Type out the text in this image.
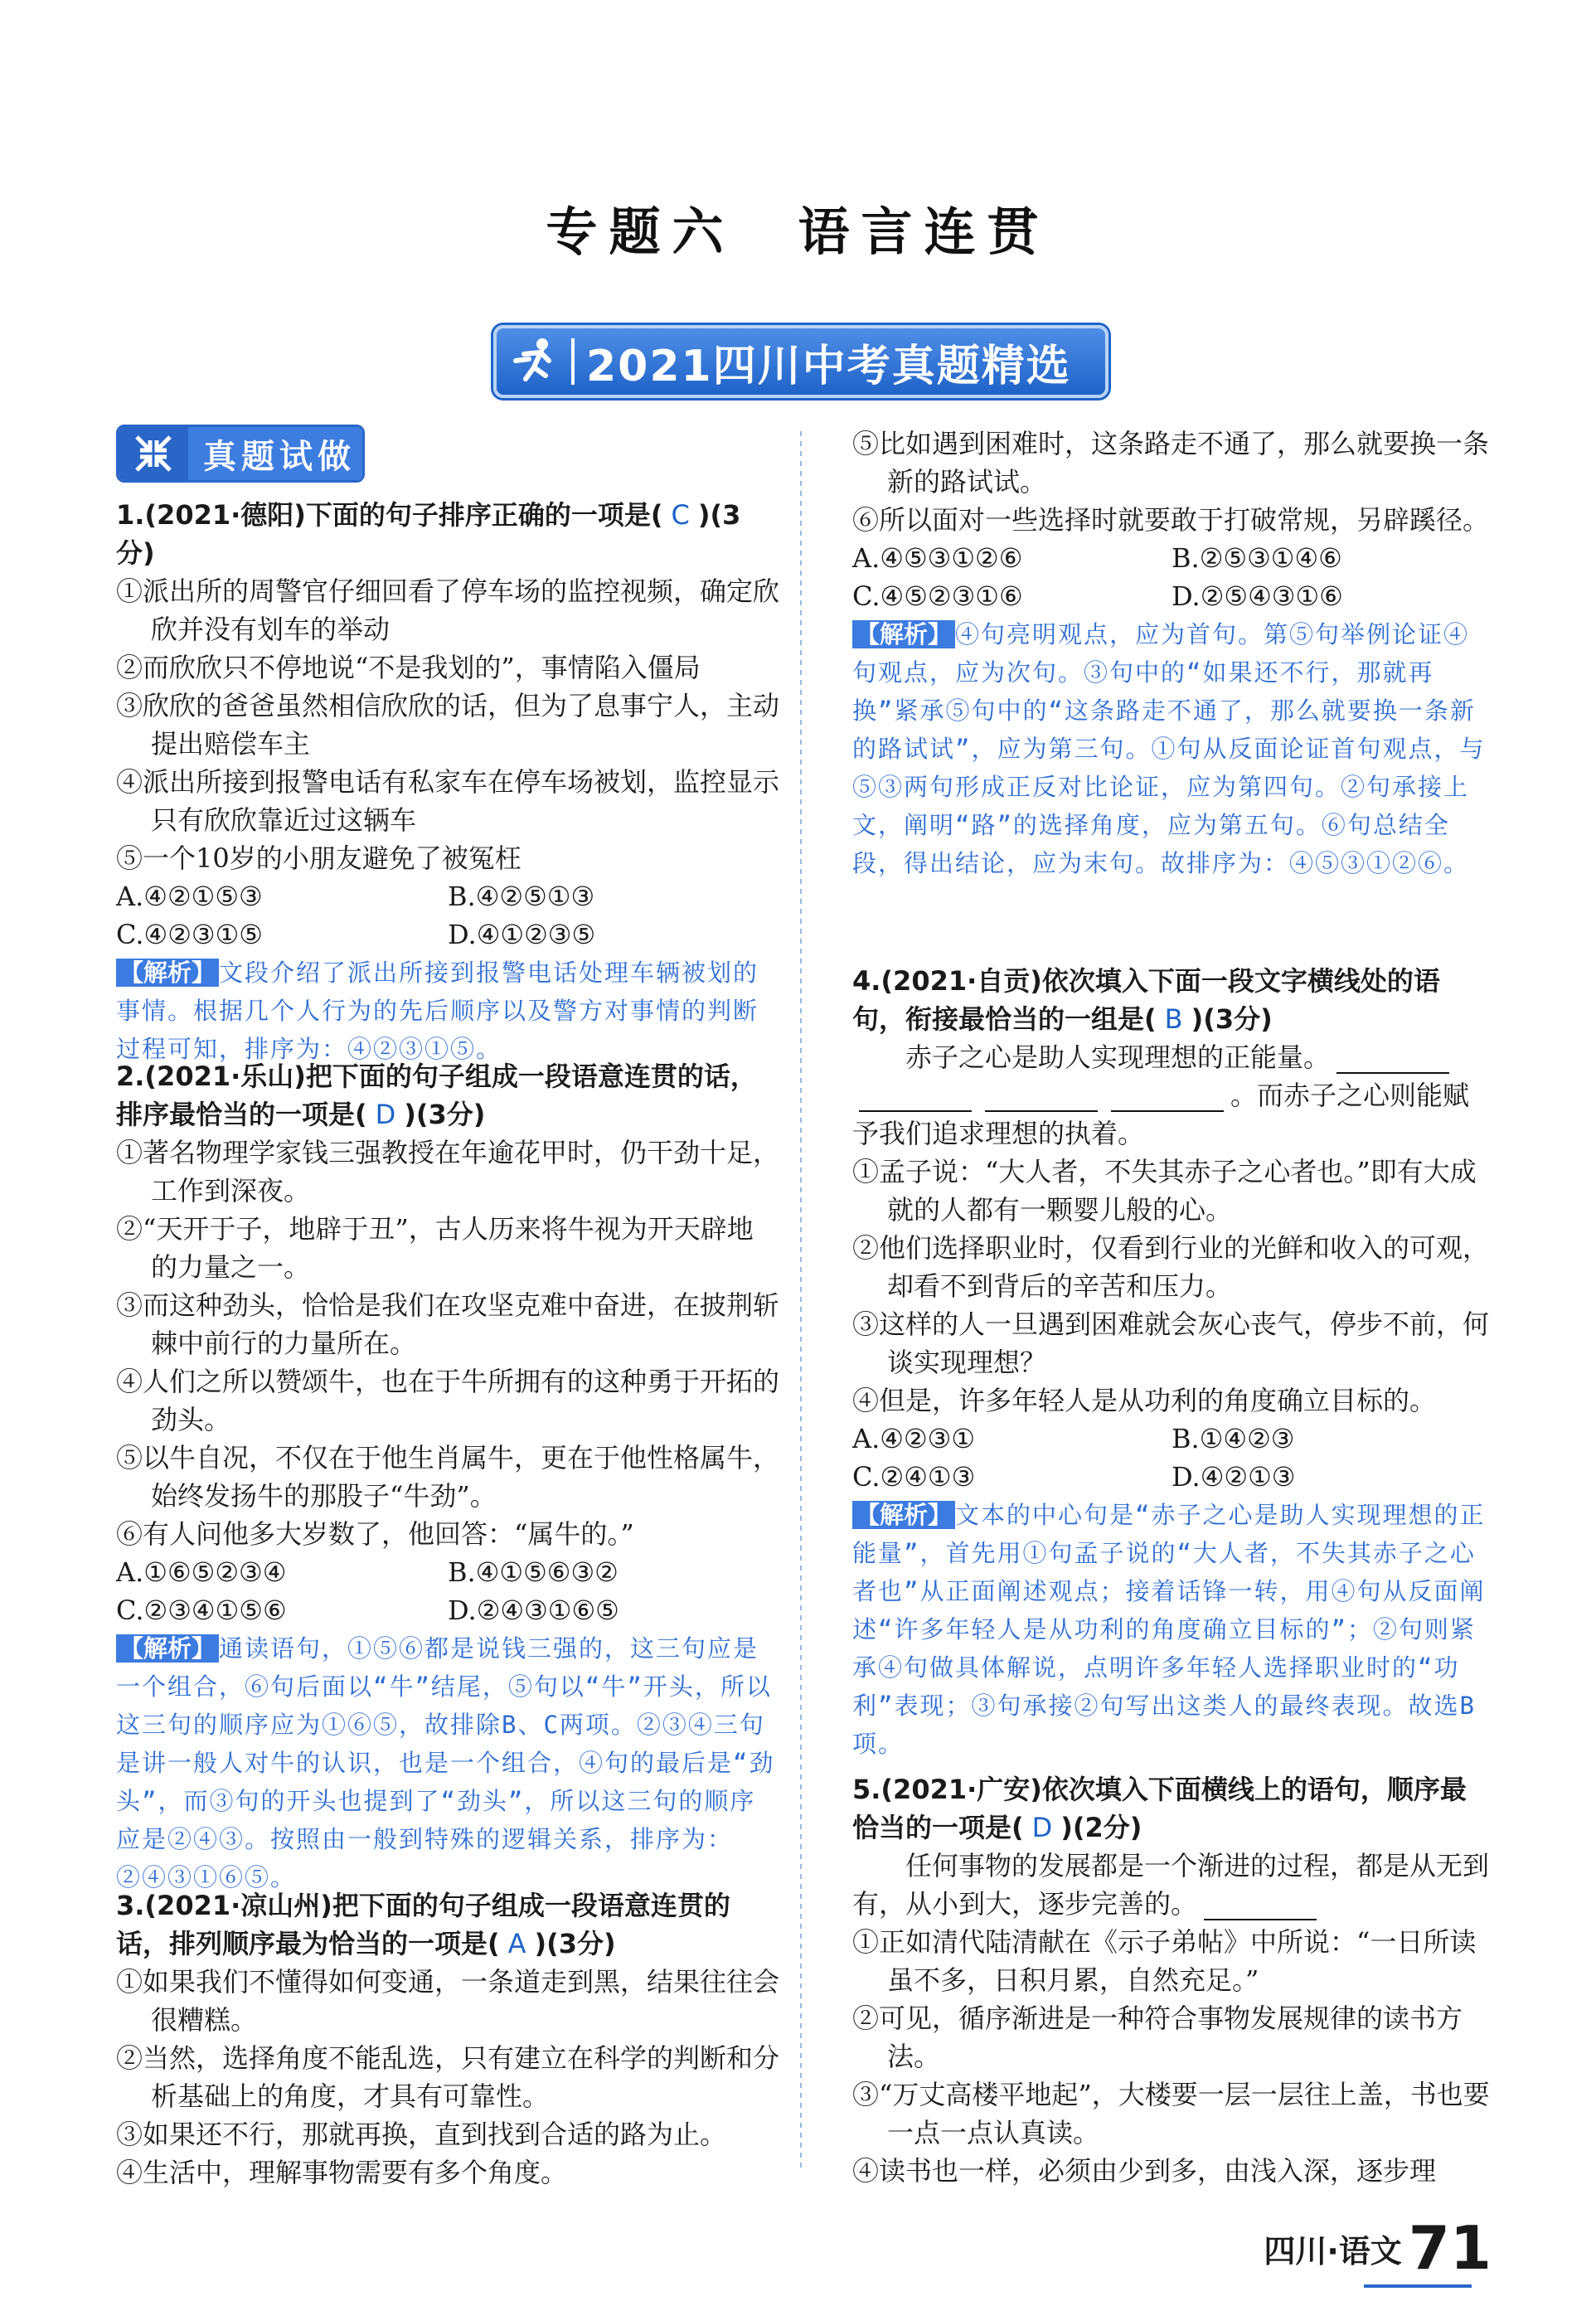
专题六　语言连贯
2021四川中考真题精选
真题试做
1.(2021·德阳)下面的句子排序正确的一项是( C )(3分)
①派出所的周警官仔细回看了停车场的监控视频，确定欣欣并没有划车的举动
②而欣欣只不停地说“不是我划的”，事情陷入僵局
③欣欣的爸爸虽然相信欣欣的话，但为了息事宁人，主动提出赔偿车主
④派出所接到报警电话有私家车在停车场被划，监控显示只有欣欣靠近过这辆车
⑤一个10岁的小朋友避免了被冤枉
A.④②①⑤③	B.④②⑤①③
C.④②③①⑤	D.④①②③⑤
【解析】 文段介绍了派出所接到报警电话处理车辆被划的事情。根据几个人行为的先后顺序以及警方对事情的判断过程可知，排序为：④②③①⑤。
2.(2021·乐山)把下面的句子组成一段语意连贯的话，排序最恰当的一项是( D )(3分)
①著名物理学家钱三强教授在年逾花甲时，仍干劲十足，工作到深夜。
②“天开于子，地辟于丑”，古人历来将牛视为开天辟地的力量之一。
③而这种劲头，恰恰是我们在攻坚克难中奋进，在披荆斩棘中前行的力量所在。
④人们之所以赞颂牛，也在于牛所拥有的这种勇于开拓的劲头。
⑤以牛自况，不仅在于他生肖属牛，更在于他性格属牛，始终发扬牛的那股子“牛劲”。
⑥有人问他多大岁数了，他回答：“属牛的。”
A.①⑥⑤②③④	B.④①⑤⑥③②
C.②③④①⑤⑥	D.②④③①⑥⑤
【解析】 通读语句，①⑤⑥都是说钱三强的，这三句应是一个组合，⑥句后面以“牛”结尾，⑤句以“牛”开头，所以这三句的顺序应为①⑥⑤，故排除B、C两项。②③④三句是讲一般人对牛的认识，也是一个组合，④句的最后是“劲头”，而③句的开头也提到了“劲头”，所以这三句的顺序应是②④③。按照由一般到特殊的逻辑关系，排序为：②④③①⑥⑤。
3.(2021·凉山州)把下面的句子组成一段语意连贯的话，排列顺序最为恰当的一项是( A )(3分)
①如果我们不懂得如何变通，一条道走到黑，结果往往会很糟糕。
②当然，选择角度不能乱选，只有建立在科学的判断和分析基础上的角度，才具有可靠性。
③如果还不行，那就再换，直到找到合适的路为止。
④生活中，理解事物需要有多个角度。
⑤比如遇到困难时，这条路走不通了，那么就要换一条新的路试试。
⑥所以面对一些选择时就要敢于打破常规，另辟蹊径。
A.④⑤③①②⑥	B.②⑤③①④⑥
C.④⑤②③①⑥	D.②⑤④③①⑥
【解析】 ④句亮明观点，应为首句。第⑤句举例论证④句观点，应为次句。③句中的“如果还不行，那就再换”紧承⑤句中的“这条路走不通了，那么就要换一条新的路试试”，应为第三句。①句从反面论证首句观点，与⑤③两句形成正反对比论证，应为第四句。②句承接上文，阐明“路”的选择角度，应为第五句。⑥句总结全段，得出结论，应为末句。故排序为：④⑤③①②⑥。
4.(2021·自贡)依次填入下面一段文字横线处的语句，衔接最恰当的一组是( B )(3分)
赤子之心是助人实现理想的正能量。。而赤子之心则能赋予我们追求理想的执着。
①孟子说：“大人者，不失其赤子之心者也。”即有大成就的人都有一颗婴儿般的心。
②他们选择职业时，仅看到行业的光鲜和收入的可观，却看不到背后的辛苦和压力。
③这样的人一旦遇到困难就会灰心丧气，停步不前，何谈实现理想？
④但是，许多年轻人是从功利的角度确立目标的。
A.④②③①	B.①④②③
C.②④①③	D.④②①③
【解析】 文本的中心句是“赤子之心是助人实现理想的正能量”，首先用①句孟子说的“大人者，不失其赤子之心者也”从正面阐述观点；接着话锋一转，用④句从反面阐述“许多年轻人是从功利的角度确立目标的”；②句则紧承④句做具体解说，点明许多年轻人选择职业时的“功利”表现；③句承接②句写出这类人的最终表现。故选B项。
5.(2021·广安)依次填入下面横线上的语句，顺序最恰当的一项是( D )(2分)
任何事物的发展都是一个渐进的过程，都是从无到有，从小到大，逐步完善的。
①正如清代陆清献在《示子弟帖》中所说：“一日所读虽不多，日积月累，自然充足。”
②可见，循序渐进是一种符合事物发展规律的读书方法。
③“万丈高楼平地起”，大楼要一层一层往上盖，书也要一点一点认真读。
④读书也一样，必须由少到多，由浅入深，逐步理
四川·语文 71
